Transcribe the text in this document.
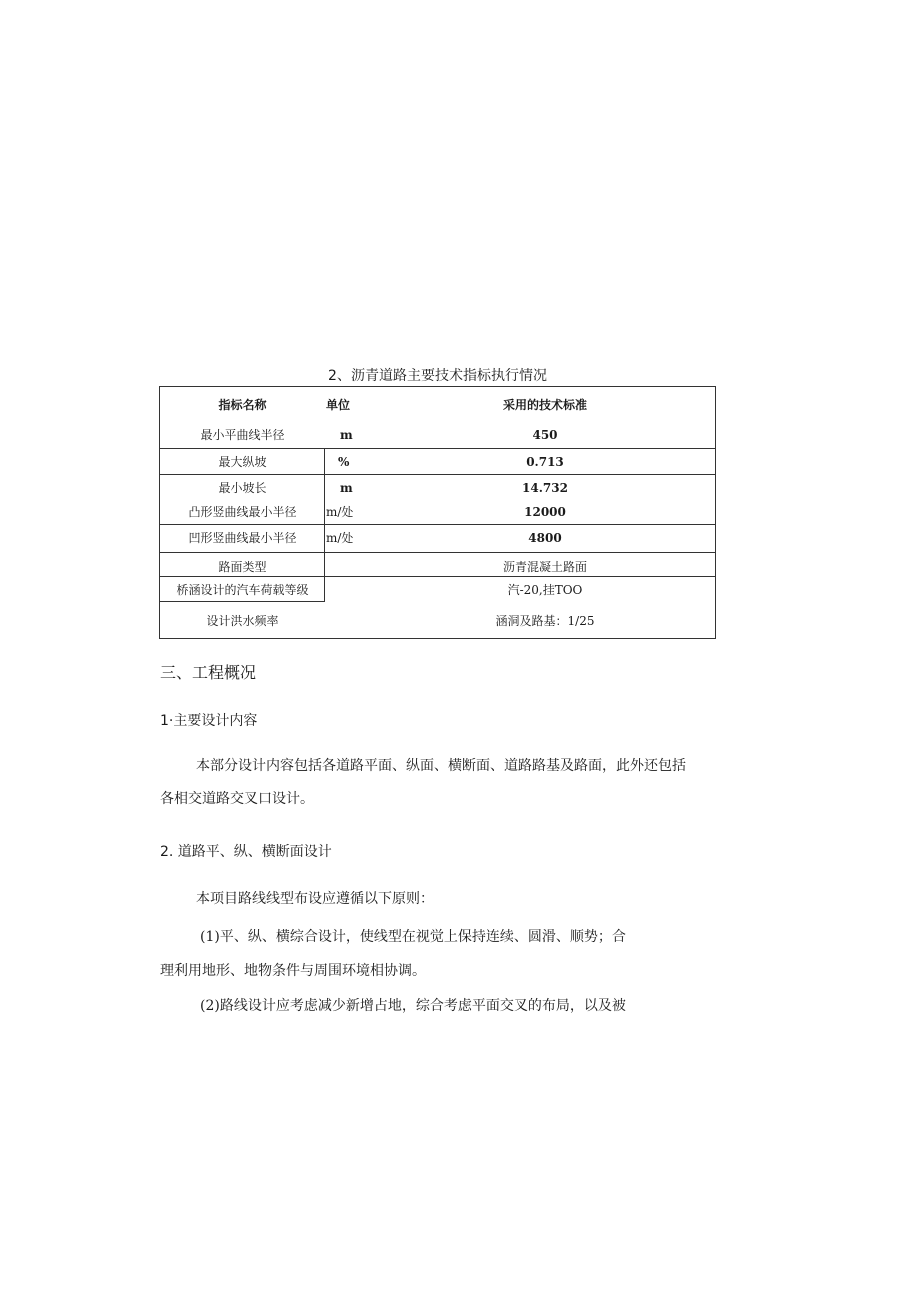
2、沥青道路主要技术指标执行情况
指标名称	单位	采用的技术标准
最小平曲线半径	m	450
最大纵坡	%	0.713
最小坡长	m	14.732
凸形竖曲线最小半径	m/处	12000
凹形竖曲线最小半径	m/处	4800
路面类型	沥青混凝土路面
桥涵设计的汽车荷载等级	汽-20,挂TOO
设计洪水频率	涵洞及路基：1/25
三、工程概况
1·主要设计内容
本部分设计内容包括各道路平面、纵面、横断面、道路路基及路面，此外还包括
各相交道路交叉口设计。
2. 道路平、纵、横断面设计
本项目路线线型布设应遵循以下原则：
(1)平、纵、横综合设计，使线型在视觉上保持连续、圆滑、顺势；合
理利用地形、地物条件与周围环境相协调。
(2)路线设计应考虑减少新增占地，综合考虑平面交叉的布局，以及被
